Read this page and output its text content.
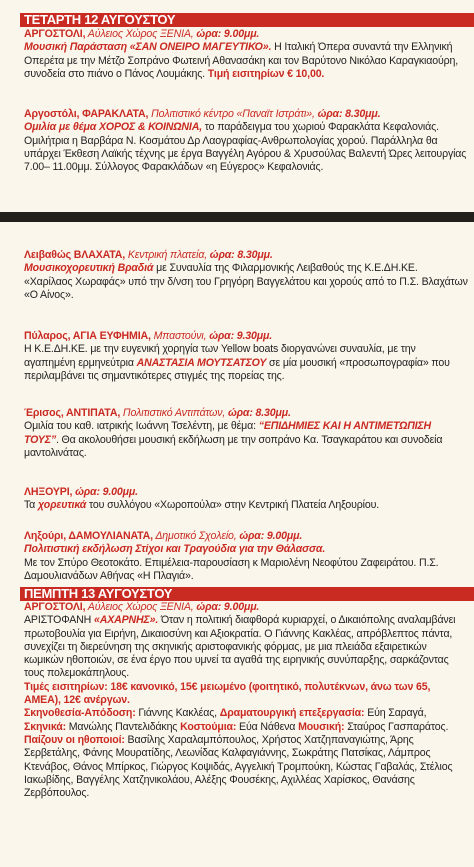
ΤΕΤΑΡΤΗ 12 ΑΥΓΟΥΣΤΟΥ

ΑΡΓΟΣΤΟΛΙ, Αύλειος Χώρος ΞΕΝΙΑ, ώρα: 9.00μμ.

Μουσική Παράσταση «ΣΑΝ ΟΝΕΙΡΟ ΜΑΓΕΥΤΙΚΟ». Η Ιταλική Όπερα συναντά την Ελληνική Οπερέτα με την Μέτζο Σοπράνο Φωτεινή Αθανασάκη και τον Βαρύτονο Νικόλαο Καραγκιαούρη, συνοδεία στο πιάνο ο Πάνος Λουμάκης. Τιμή εισιτηρίων € 10,00.

Αργοστόλι, ΦΑΡΑΚΛΑΤΑ, Πολιτιστικό κέντρο «Παναϊτ Ιστράτι», ώρα: 8.30μμ.

Ομιλία με θέμα ΧΟΡΟΣ & ΚΟΙΝΩΝΙΑ, το παράδειγμα του χωριού Φαρακλάτα Κεφαλονιάς. Ομιλήτρια η Βαρβάρα Ν. Κοσμάτου Δρ Λαογραφίας-Ανθρωπολογίας χορού. Παράλληλα θα υπάρχει Έκθεση Λαϊκής τέχνης με έργα Βαγγέλη Αγόρου & Χρυσούλας Βαλεντή Ώρες λειτουργίας 7.00– 11.00μμ. Σύλλογος Φαρακλάδων «η Εύγερος» Κεφαλονιάς.

Λειβαθώς ΒΛΑΧΑΤΑ, Κεντρική πλατεία, ώρα: 8.30μμ.

Μουσικοχορευτική Βραδιά με Συναυλία της Φιλαρμονικής Λειβαθούς της Κ.Ε.ΔΗ.ΚΕ. «Χαρίλαος Χωραφάς» υπό την δ/νση του Γρηγόρη Βαγγελάτου και χορούς από το Π.Σ. Βλαχάτων «Ο Αίνος».

Πύλαρος, ΑΓΙΑ ΕΥΦΗΜΙΑ, Μπαστούνι, ώρα: 9.30μμ.

Η Κ.Ε.ΔΗ.ΚΕ. με την ευγενική χορηγία των Yellow boats διοργανώνει συναυλία, με την αγαπημένη ερμηνεύτρια ΑΝΑΣΤΑΣΙΑ ΜΟΥΤΣΑΤΣΟΥ σε μία μουσική «προσωπογραφία» που περιλαμβάνει τις σημαντικότερες στιγμές της πορείας της.

Έρισος, ΑΝΤΙΠΑΤΑ, Πολιτιστικό Αντιπάτων, ώρα: 8.30μμ.

Ομιλία του καθ. ιατρικής Ιωάννη Τσελέντη, με θέμα: “ΕΠΙΔΗΜΙΕΣ ΚΑΙ Η ΑΝΤΙΜΕΤΩΠΙΣΗ ΤΟΥΣ”. Θα ακολουθήσει μουσική εκδήλωση με την σοπράνο Κα. Τσαγκαράτου και συνοδεία μαντολινάτας.

ΛΗΞΟΥΡΙ, ώρα: 9.00μμ.

Τα χορευτικά του συλλόγου «Χωροπούλα» στην Κεντρική Πλατεία Ληξουρίου.

Ληξούρι, ΔΑΜΟΥΛΙΑΝΑΤΑ, Δημοτικό Σχολείο, ώρα: 9.00μμ.

Πολιτιστική εκδήλωση Στίχοι και Τραγούδια για την Θάλασσα.

Με τον Σπύρο Θεοτοκάτο. Επιμέλεια-παρουσίαση κ Μαριολένη Νεοφύτου Ζαφειράτου. Π.Σ. Δαμουλιανάδων Αθήνας «Η Πλαγιά».

ΠΕΜΠΤΗ 13 ΑΥΓΟΥΣΤΟΥ

ΑΡΓΟΣΤΟΛΙ, Αύλειος Χώρος ΞΕΝΙΑ, ώρα: 9.00μμ.

ΑΡΙΣΤΟΦΑΝΗ «ΑΧΑΡΝΗΣ». Όταν η πολιτική διαφθορά κυριαρχεί, ο Δικαιόπολης αναλαμβάνει πρωτοβουλία για Ειρήνη, Δικαιοσύνη και Αξιοκρατία. Ο Γιάννης Κακλέας, απρόβλεπτος πάντα, συνεχίζει τη διερεύνηση της σκηνικής αριστοφανικής φόρμας, με μια πλειάδα εξαιρετικών κωμικών ηθοποιών, σε ένα έργο που υμνεί τα αγαθά της ειρηνικής συνύπαρξης, σαρκάζοντας τους πολεμοκάπηλους.

Τιμές εισιτηρίων: 18€ κανονικό, 15€ μειωμένο (φοιτητικό, πολυτέκνων, άνω των 65, ΑΜΕΑ), 12€ ανέργων.

Σκηνοθεσία-Απόδοση: Γιάννης Κακλέας, Δραματουργική επεξεργασία: Εύη Σαραγά, Σκηνικά: Μανώλης Παντελιδάκης Κοστούμια: Εύα Νάθενα Μουσική: Σταύρος Γασπαράτος. Παίζουν οι ηθοποιοί: Βασίλης Χαραλαμπόπουλος, Χρήστος Χατζηπαναγιώτης, Άρης Σερβετάλης, Φάνης Μουρατίδης, Λεωνίδας Καλφαγιάννης, Σωκράτης Πατσίκας, Λάμπρος Κτενάβος, Θάνος Μπίρκος, Γιώργος Κοψιδάς, Αγγελική Τρομπούκη, Κώστας Γαβαλάς, Στέλιος Ιακωβίδης, Βαγγέλης Χατζηνικολάου, Αλέξης Φουσέκης, Αχιλλέας Χαρίσκος, Θανάσης Ζερβόπουλος.
